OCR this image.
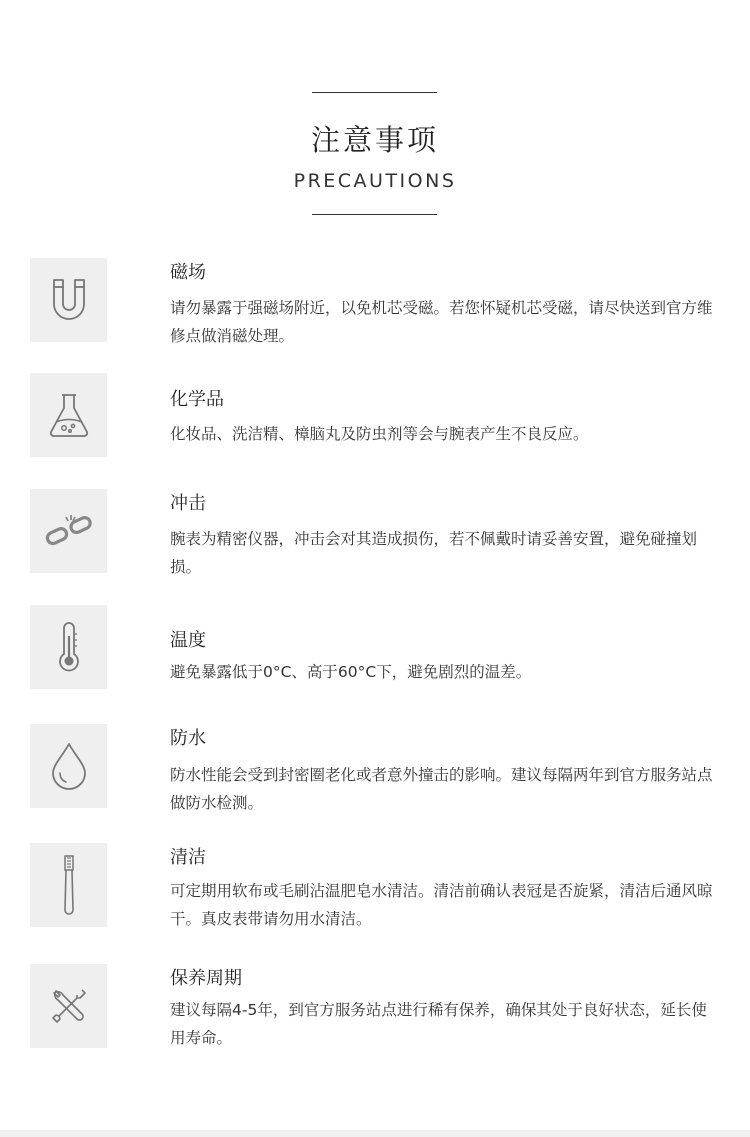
注意事项
PRECAUTIONS
磁场
请勿暴露于强磁场附近，以免机芯受磁。若您怀疑机芯受磁，请尽快送到官方维修点做消磁处理。
化学品
化妆品、洗洁精、樟脑丸及防虫剂等会与腕表产生不良反应。
冲击
腕表为精密仪器，冲击会对其造成损伤，若不佩戴时请妥善安置，避免碰撞划损。
温度
避免暴露低于0°C、高于60°C下，避免剧烈的温差。
防水
防水性能会受到封密圈老化或者意外撞击的影响。建议每隔两年到官方服务站点做防水检测。
清洁
可定期用软布或毛刷沾温肥皂水清洁。清洁前确认表冠是否旋紧，清洁后通风晾干。真皮表带请勿用水清洁。
保养周期
建议每隔4-5年，到官方服务站点进行稀有保养，确保其处于良好状态，延长使用寿命。
